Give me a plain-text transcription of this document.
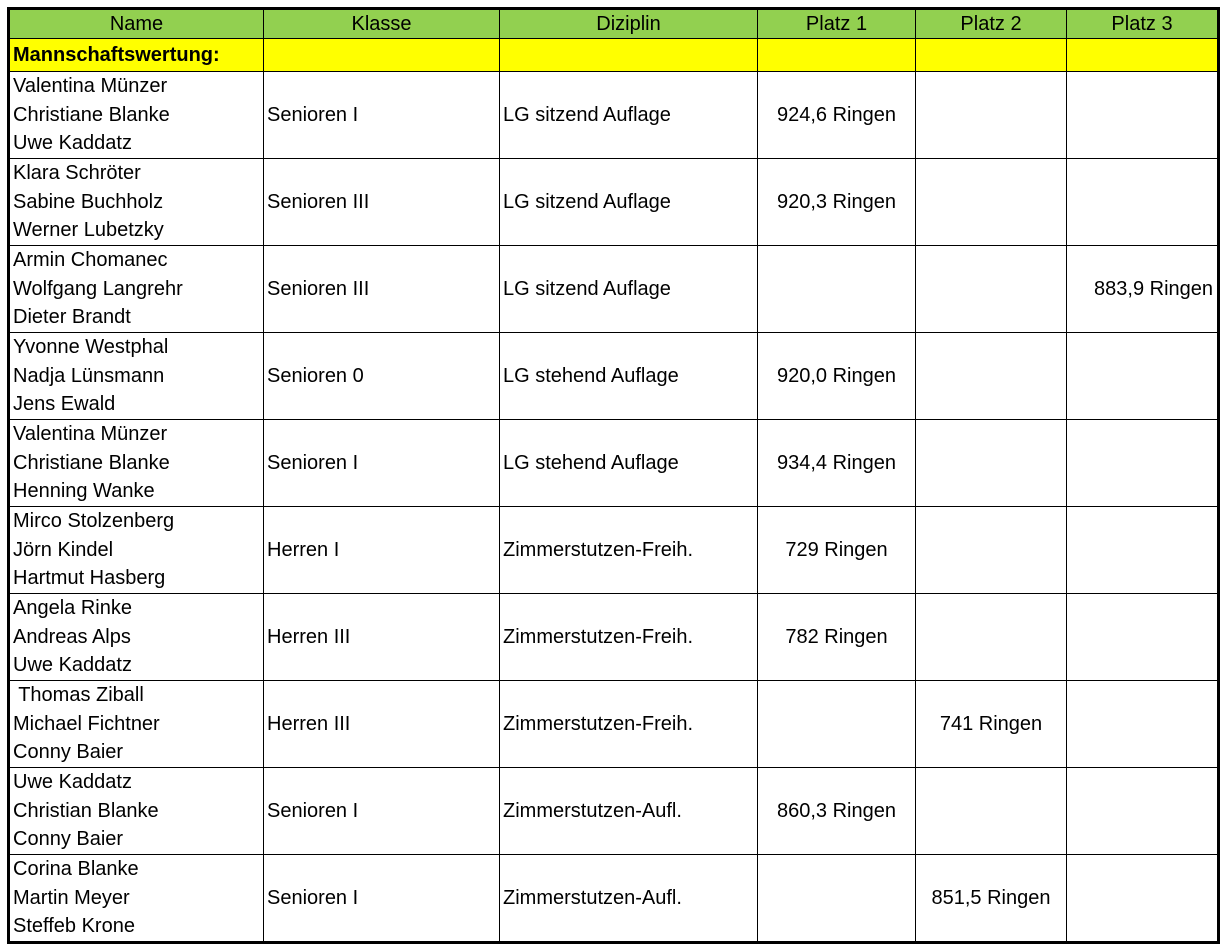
Name	Klasse	Diziplin	Platz 1	Platz 2	Platz 3
Mannschaftswertung:					

Valentina Münzer
Christiane Blanke
Uwe Kaddatz	Senioren I	LG sitzend Auflage	924,6 Ringen		

Klara Schröter
Sabine Buchholz
Werner Lubetzky	Senioren III	LG sitzend Auflage	920,3 Ringen		

Armin Chomanec
Wolfgang Langrehr
Dieter Brandt	Senioren III	LG sitzend Auflage			883,9 Ringen

Yvonne Westphal
Nadja Lünsmann
Jens Ewald	Senioren 0	LG stehend Auflage	920,0 Ringen		

Valentina Münzer
Christiane Blanke
Henning Wanke	Senioren I	LG stehend Auflage	934,4 Ringen		

Mirco Stolzenberg
Jörn Kindel
Hartmut Hasberg	Herren I	Zimmerstutzen-Freih.	729 Ringen		

Angela Rinke
Andreas Alps
Uwe Kaddatz	Herren III	Zimmerstutzen-Freih.	782 Ringen		

Thomas Ziball
Michael Fichtner
Conny Baier	Herren III	Zimmerstutzen-Freih.		741 Ringen	

Uwe Kaddatz
Christian Blanke
Conny Baier	Senioren I	Zimmerstutzen-Aufl.	860,3 Ringen		

Corina Blanke
Martin Meyer
Steffeb Krone	Senioren I	Zimmerstutzen-Aufl.		851,5 Ringen	
